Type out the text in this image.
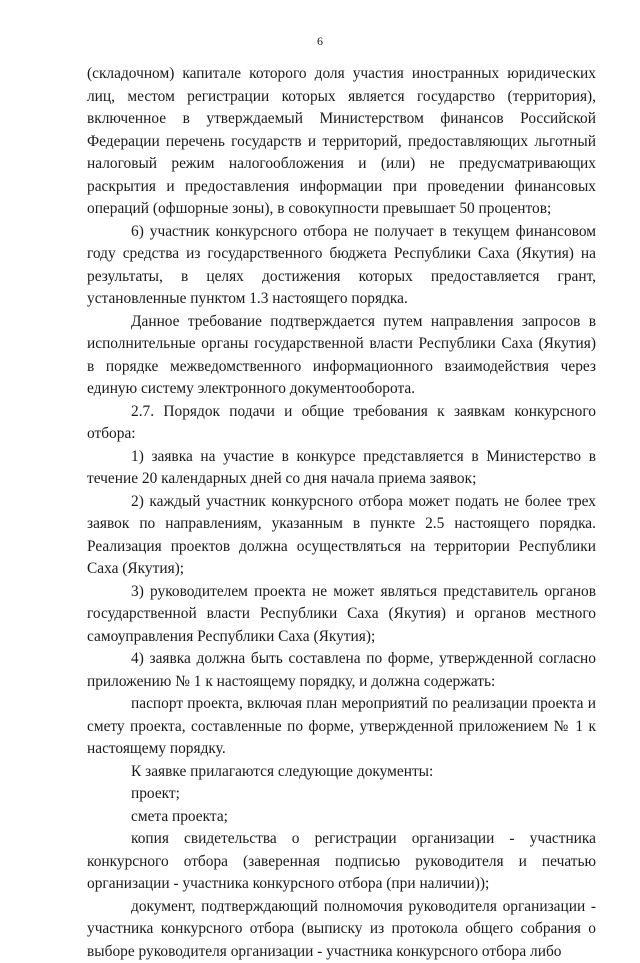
6

(складочном) капитале которого доля участия иностранных юридических лиц, местом регистрации которых является государство (территория), включенное в утверждаемый Министерством финансов Российской Федерации перечень государств и территорий, предоставляющих льготный налоговый режим налогообложения и (или) не предусматривающих раскрытия и предоставления информации при проведении финансовых операций (офшорные зоны), в совокупности превышает 50 процентов;

6) участник конкурсного отбора не получает в текущем финансовом году средства из государственного бюджета Республики Саха (Якутия) на результаты, в целях достижения которых предоставляется грант, установленные пунктом 1.3 настоящего порядка.

Данное требование подтверждается путем направления запросов в исполнительные органы государственной власти Республики Саха (Якутия) в порядке межведомственного информационного взаимодействия через единую систему электронного документооборота.

2.7. Порядок подачи и общие требования к заявкам конкурсного отбора:

1) заявка на участие в конкурсе представляется в Министерство в течение 20 календарных дней со дня начала приема заявок;

2) каждый участник конкурсного отбора может подать не более трех заявок по направлениям, указанным в пункте 2.5 настоящего порядка. Реализация проектов должна осуществляться на территории Республики Саха (Якутия);

3) руководителем проекта не может являться представитель органов государственной власти Республики Саха (Якутия) и органов местного самоуправления Республики Саха (Якутия);

4) заявка должна быть составлена по форме, утвержденной согласно приложению № 1 к настоящему порядку, и должна содержать:

паспорт проекта, включая план мероприятий по реализации проекта и смету проекта, составленные по форме, утвержденной приложением № 1 к настоящему порядку.

К заявке прилагаются следующие документы:

проект;

смета проекта;

копия свидетельства о регистрации организации - участника конкурсного отбора (заверенная подписью руководителя и печатью организации - участника конкурсного отбора (при наличии));

документ, подтверждающий полномочия руководителя организации - участника конкурсного отбора (выписку из протокола общего собрания о выборе руководителя организации - участника конкурсного отбора либо
